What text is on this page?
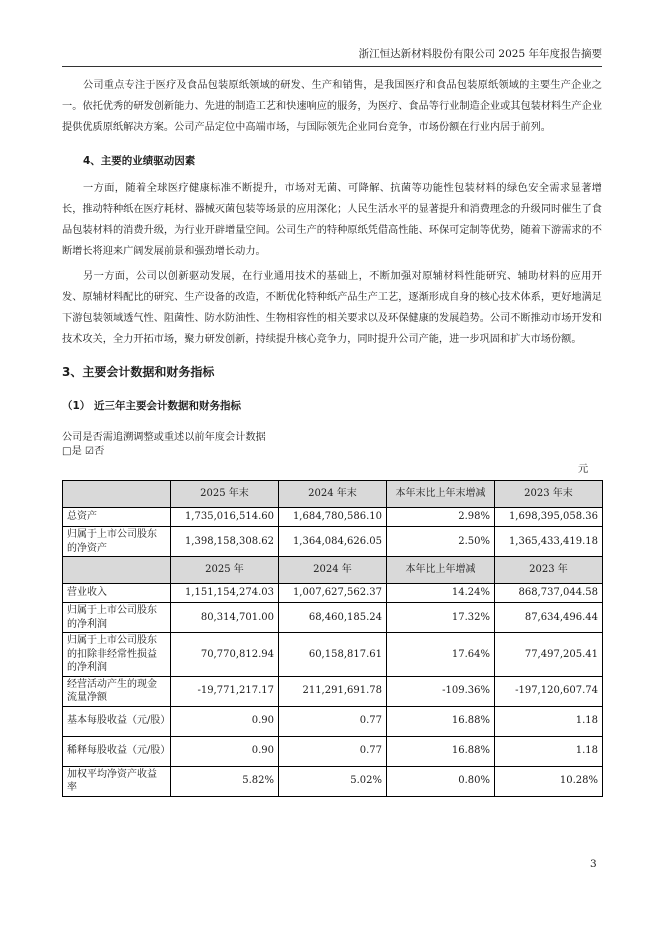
浙江恒达新材料股份有限公司 2025 年年度报告摘要
公司重点专注于医疗及食品包装原纸领域的研发、生产和销售，是我国医疗和食品包装原纸领域的主要生产企业之一。依托优秀的研发创新能力、先进的制造工艺和快速响应的服务，为医疗、食品等行业制造企业或其包装材料生产企业提供优质原纸解决方案。公司产品定位中高端市场，与国际领先企业同台竞争，市场份额在行业内居于前列。
4、主要的业绩驱动因素
一方面，随着全球医疗健康标准不断提升，市场对无菌、可降解、抗菌等功能性包装材料的绿色安全需求显著增长，推动特种纸在医疗耗材、器械灭菌包装等场景的应用深化；人民生活水平的显著提升和消费理念的升级同时催生了食品包装材料的消费升级，为行业开辟增量空间。公司生产的特种原纸凭借高性能、环保可定制等优势，随着下游需求的不断增长将迎来广阔发展前景和强劲增长动力。
另一方面，公司以创新驱动发展，在行业通用技术的基础上，不断加强对原辅材料性能研究、辅助材料的应用开发、原辅材料配比的研究、生产设备的改造，不断优化特种纸产品生产工艺，逐渐形成自身的核心技术体系，更好地满足下游包装领域透气性、阻菌性、防水防油性、生物相容性的相关要求以及环保健康的发展趋势。公司不断推动市场开发和技术攻关，全力开拓市场，聚力研发创新，持续提升核心竞争力，同时提升公司产能，进一步巩固和扩大市场份额。
3、主要会计数据和财务指标
（1） 近三年主要会计数据和财务指标
公司是否需追溯调整或重述以前年度会计数据
□是 ☑否
元
	2025 年末	2024 年末	本年末比上年末增减	2023 年末
总资产	1,735,016,514.60	1,684,780,586.10	2.98%	1,698,395,058.36
归属于上市公司股东的净资产	1,398,158,308.62	1,364,084,626.05	2.50%	1,365,433,419.18
	2025 年	2024 年	本年比上年增减	2023 年
营业收入	1,151,154,274.03	1,007,627,562.37	14.24%	868,737,044.58
归属于上市公司股东的净利润	80,314,701.00	68,460,185.24	17.32%	87,634,496.44
归属于上市公司股东的扣除非经常性损益的净利润	70,770,812.94	60,158,817.61	17.64%	77,497,205.41
经营活动产生的现金流量净额	-19,771,217.17	211,291,691.78	-109.36%	-197,120,607.74
基本每股收益（元/股）	0.90	0.77	16.88%	1.18
稀释每股收益（元/股）	0.90	0.77	16.88%	1.18
加权平均净资产收益率	5.82%	5.02%	0.80%	10.28%
3
